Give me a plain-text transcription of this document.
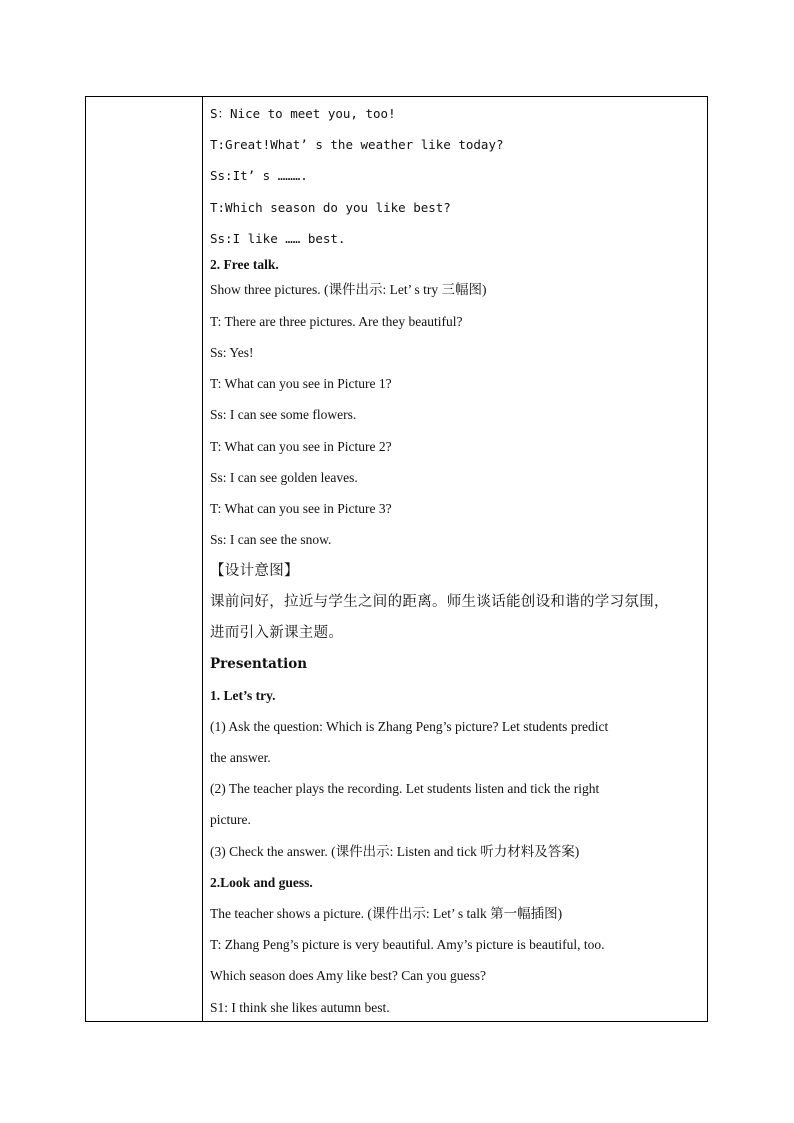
S：Nice to meet you, too!
T:Great!What’ s the weather like today?
Ss:It’ s ……….
T:Which season do you like best?
Ss:I like …… best.
2. Free talk.
Show three pictures. (课件出示: Let’ s try 三幅图)
T: There are three pictures. Are they beautiful?
Ss: Yes!
T: What can you see in Picture 1?
Ss: I can see some flowers.
T: What can you see in Picture 2?
Ss: I can see golden leaves.
T: What can you see in Picture 3?
Ss: I can see the snow.
【设计意图】
课前问好，拉近与学生之间的距离。师生谈话能创设和谐的学习氛围，
进而引入新课主题。
Presentation
1. Let’s try.
(1) Ask the question: Which is Zhang Peng’s picture? Let students predict
the answer.
(2) The teacher plays the recording. Let students listen and tick the right
picture.
(3) Check the answer. (课件出示: Listen and tick 听力材料及答案)
2.Look and guess.
The teacher shows a picture. (课件出示: Let’ s talk 第一幅插图)
T: Zhang Peng’s picture is very beautiful. Amy’s picture is beautiful, too.
Which season does Amy like best? Can you guess?
S1: I think she likes autumn best.
